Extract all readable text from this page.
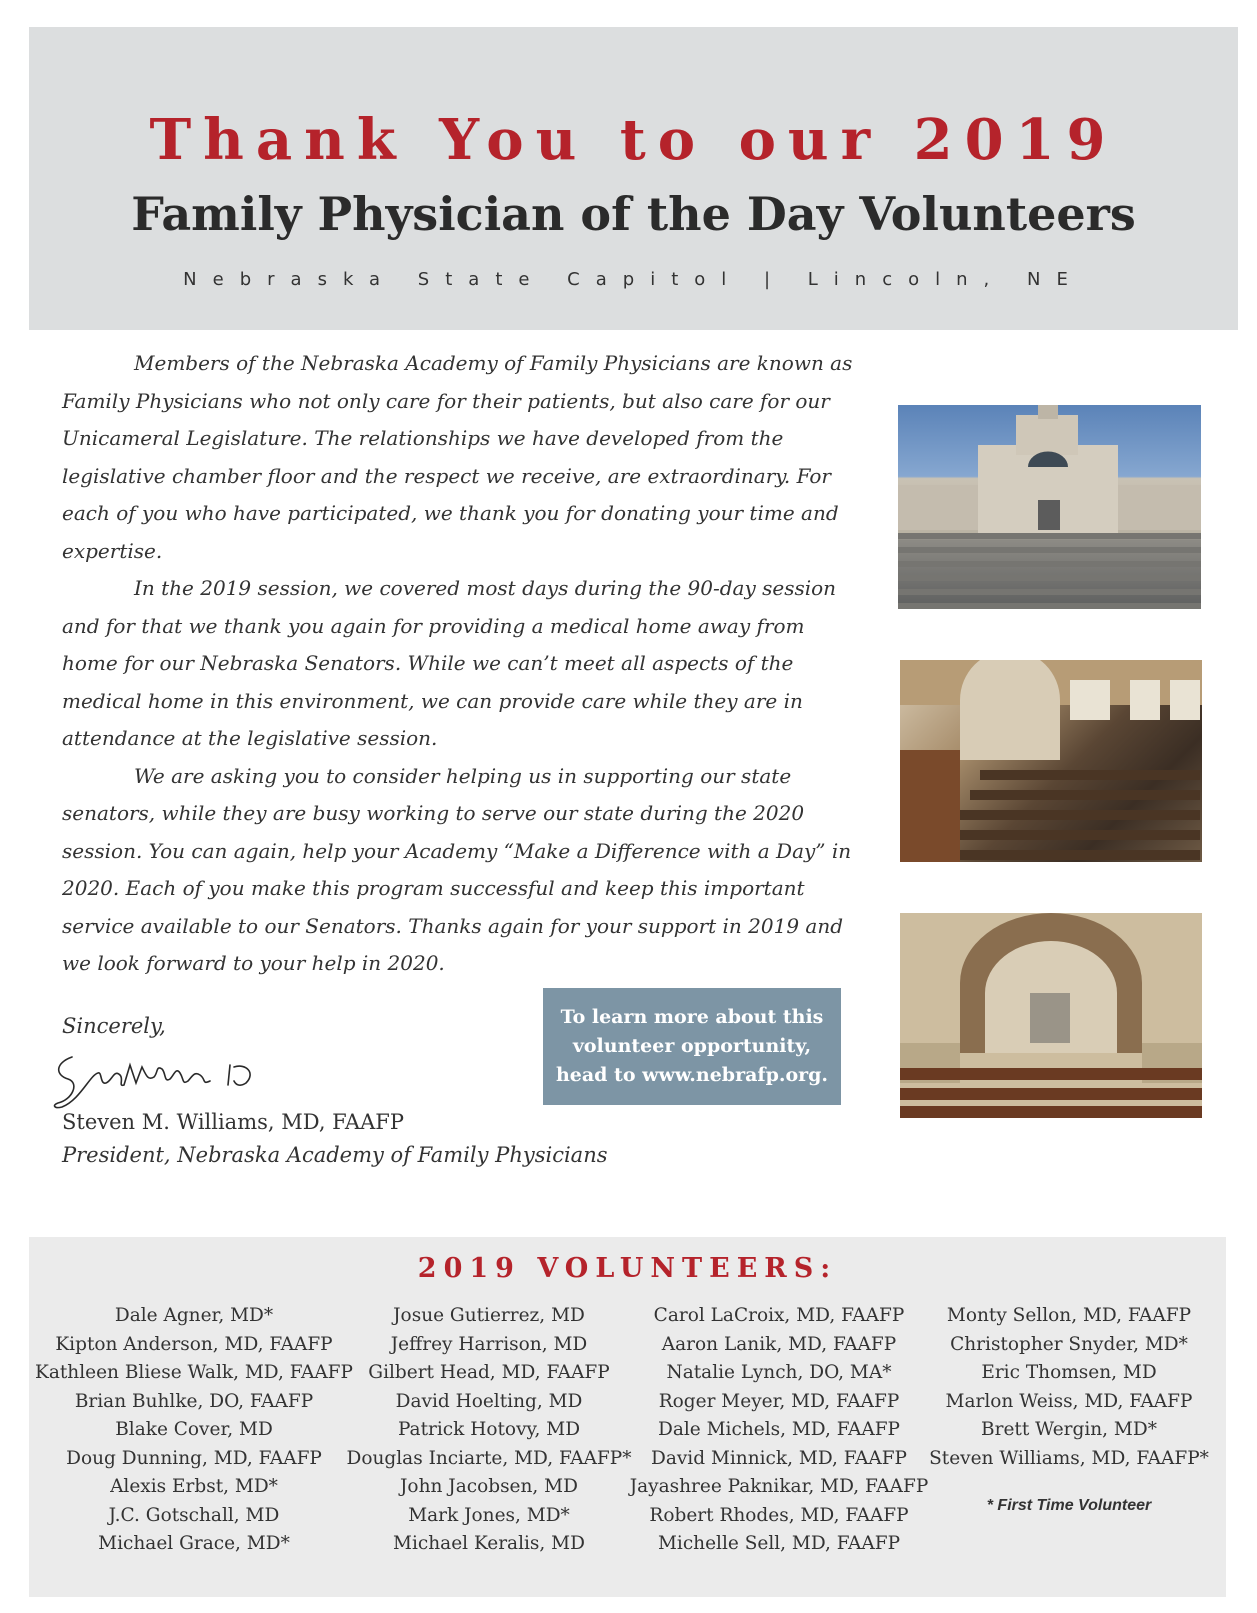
Thank You to our 2019
Family Physician of the Day Volunteers
Nebraska State Capitol | Lincoln, NE

Members of the Nebraska Academy of Family Physicians are known as Family Physicians who not only care for their patients, but also care for our Unicameral Legislature. The relationships we have developed from the legislative chamber floor and the respect we receive, are extraordinary. For each of you who have participated, we thank you for donating your time and expertise.

In the 2019 session, we covered most days during the 90-day session and for that we thank you again for providing a medical home away from home for our Nebraska Senators. While we can’t meet all aspects of the medical home in this environment, we can provide care while they are in attendance at the legislative session.

We are asking you to consider helping us in supporting our state senators, while they are busy working to serve our state during the 2020 session. You can again, help your Academy “Make a Difference with a Day” in 2020. Each of you make this program successful and keep this important service available to our Senators. Thanks again for your support in 2019 and we look forward to your help in 2020.

To learn more about this volunteer opportunity, head to www.nebrafp.org.
Sincerely,
Steven M. Williams, MD, FAAFP
President, Nebraska Academy of Family Physicians
2019 VOLUNTEERS:
Dale Agner, MD*
Kipton Anderson, MD, FAAFP
Kathleen Bliese Walk, MD, FAAFP
Brian Buhlke, DO, FAAFP
Blake Cover, MD
Doug Dunning, MD, FAAFP
Alexis Erbst, MD*
J.C. Gotschall, MD
Michael Grace, MD*
Josue Gutierrez, MD
Jeffrey Harrison, MD
Gilbert Head, MD, FAAFP
David Hoelting, MD
Patrick Hotovy, MD
Douglas Inciarte, MD, FAAFP*
John Jacobsen, MD
Mark Jones, MD*
Michael Keralis, MD
Carol LaCroix, MD, FAAFP
Aaron Lanik, MD, FAAFP
Natalie Lynch, DO, MA*
Roger Meyer, MD, FAAFP
Dale Michels, MD, FAAFP
David Minnick, MD, FAAFP
Jayashree Paknikar, MD, FAAFP
Robert Rhodes, MD, FAAFP
Michelle Sell, MD, FAAFP
Monty Sellon, MD, FAAFP
Christopher Snyder, MD*
Eric Thomsen, MD
Marlon Weiss, MD, FAAFP
Brett Wergin, MD*
Steven Williams, MD, FAAFP*
* First Time Volunteer
